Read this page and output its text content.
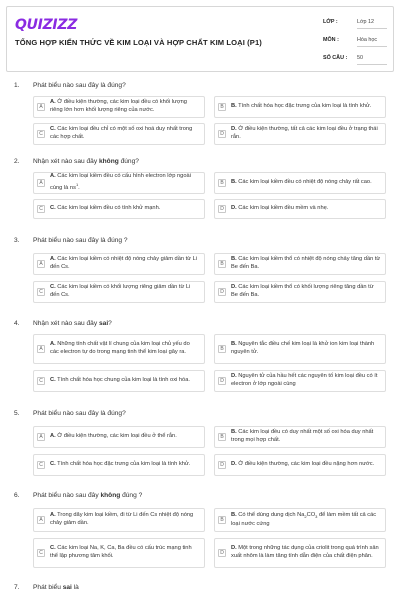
QUIZIZZ
TỔNG HỢP KIẾN THỨC VỀ KIM LOẠI VÀ HỢP CHẤT KIM LOẠI (P1)
LỚP :	Lớp 12
MÔN :	Hóa học
SỐ CÂU :	50
1. Phát biểu nào sau đây là đúng?
A
A. Ở điều kiện thường, các kim loại đều có khối lượng riêng lớn hơn khối lượng riêng của nước.	B	B. Tính chất hóa học đặc trưng của kim loại là tính khử.
C
C. Các kim loại đều chỉ có một số oxi hoá duy nhất trong các hợp chất.	D
D. Ở điều kiện thường, tất cả các kim loại đều ở trạng thái rắn.
2. Nhận xét nào sau đây không đúng?
A
A. Các kim loại kiềm đều có cấu hình electron lớp ngoài cùng là $ns^1$.
B	B. Các kim loại kiềm đều có nhiệt độ nóng chảy rất cao.
C	C. Các kim loại kiềm đều có tính khử mạnh.	D	D. Các kim loại kiềm đều mềm và nhẹ.
3. Phát biểu nào sau đây là đúng ?
A
A. Các kim loại kiềm có nhiệt độ nóng chảy giảm dần từ Li đến Cs.	B
B. Các kim loại kiềm thổ có nhiệt độ nóng chảy tăng dần từ Be đến Ba.
C
C. Các kim loại kiềm có khối lượng riêng giảm dần từ Li đến Cs.	D
D. Các kim loại kiềm thổ có khối lượng riêng tăng dần từ Be đến Ba.
4. Nhận xét nào sau đây sai?
A
A. Những tính chất vật lí chung của kim loại chủ yếu do các electron tự do trong mạng tinh thể kim loại gây ra.	B
B. Nguyên tắc điều chế kim loại là khử ion kim loại thành nguyên tử.
C	C. Tính chất hóa học chung của kim loại là tính oxi hóa.	D
D. Nguyên tử của hầu hết các nguyên tố kim loại đều có ít electron ở lớp ngoài cùng
5. Phát biểu nào sau đây là đúng?
A	A. Ở điều kiện thường, các kim loại đều ở thể rắn.	B
B. Các kim loại đều có duy nhất một số oxi hóa duy nhất trong mọi hợp chất.
C	C. Tính chất hóa học đặc trưng của kim loại là tính khử.	D	D. Ở điều kiện thường, các kim loại đều nặng hơn nước.
6. Phát biểu nào sau đây không đúng ?
A
A. Trong dãy kim loại kiềm, đi từ Li đến Cs nhiệt độ nóng chảy giảm dần.	B
B. Có thể dùng dung dịch $Na_2CO_3$ để làm mềm tất cả các loại nước cứng
C
C. Các kim loại Na, K, Ca, Ba đều có cấu trúc mạng tinh thể lập phương tâm khối.	D
D. Một trong những tác dụng của criolit trong quá trình sản xuất nhôm là làm tăng tính dẫn điện của chất điện phân.
7. Phát biểu sai là
